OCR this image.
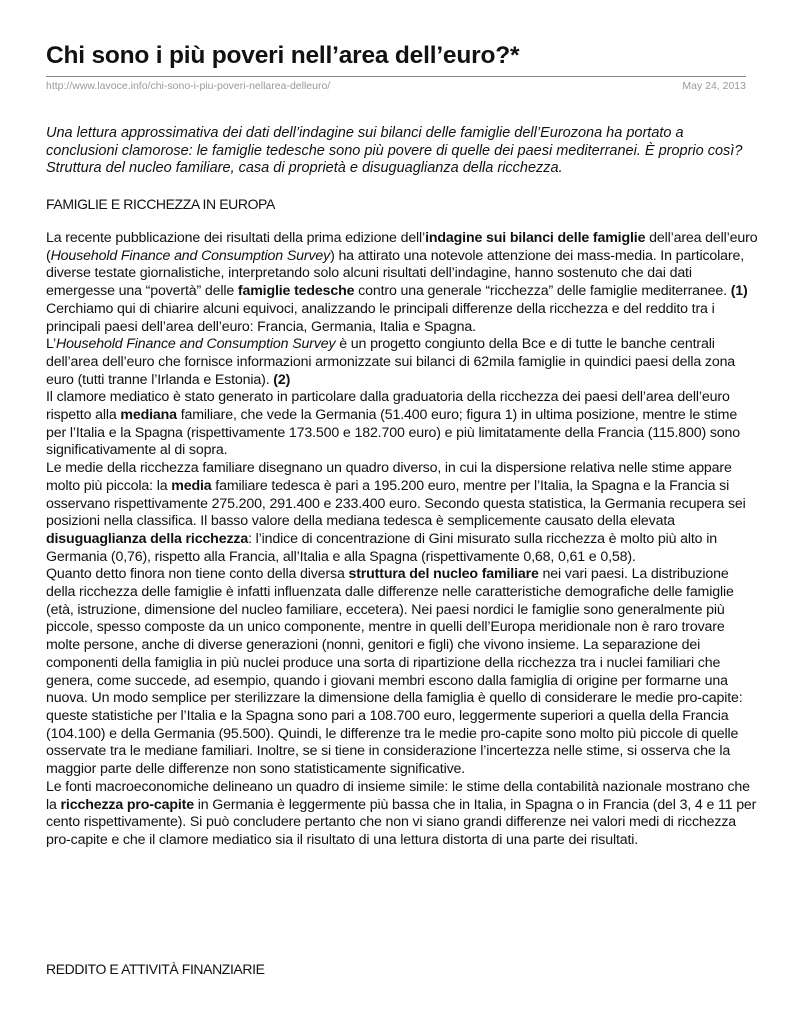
Chi sono i più poveri nell’area dell’euro?*
http://www.lavoce.info/chi-sono-i-piu-poveri-nellarea-delleuro/	May 24, 2013

Una lettura approssimativa dei dati dell’indagine sui bilanci delle famiglie dell’Eurozona ha portato a conclusioni clamorose: le famiglie tedesche sono più povere di quelle dei paesi mediterranei. È proprio così? Struttura del nucleo familiare, casa di proprietà e disuguaglianza della ricchezza.

FAMIGLIE E RICCHEZZA IN EUROPA

La recente pubblicazione dei risultati della prima edizione dell’indagine sui bilanci delle famiglie dell’area dell’euro (Household Finance and Consumption Survey) ha attirato una notevole attenzione dei mass-media. In particolare, diverse testate giornalistiche, interpretando solo alcuni risultati dell’indagine, hanno sostenuto che dai dati emergesse una “povertà” delle famiglie tedesche contro una generale “ricchezza” delle famiglie mediterranee. (1) Cerchiamo qui di chiarire alcuni equivoci, analizzando le principali differenze della ricchezza e del reddito tra i principali paesi dell’area dell’euro: Francia, Germania, Italia e Spagna.

L’Household Finance and Consumption Survey è un progetto congiunto della Bce e di tutte le banche centrali dell’area dell’euro che fornisce informazioni armonizzate sui bilanci di 62mila famiglie in quindici paesi della zona euro (tutti tranne l’Irlanda e Estonia). (2)

Il clamore mediatico è stato generato in particolare dalla graduatoria della ricchezza dei paesi dell’area dell’euro rispetto alla mediana familiare, che vede la Germania (51.400 euro; figura 1) in ultima posizione, mentre le stime per l’Italia e la Spagna (rispettivamente 173.500 e 182.700 euro) e più limitatamente della Francia (115.800) sono significativamente al di sopra.

Le medie della ricchezza familiare disegnano un quadro diverso, in cui la dispersione relativa nelle stime appare molto più piccola: la media familiare tedesca è pari a 195.200 euro, mentre per l’Italia, la Spagna e la Francia si osservano rispettivamente 275.200, 291.400 e 233.400 euro. Secondo questa statistica, la Germania recupera sei posizioni nella classifica. Il basso valore della mediana tedesca è semplicemente causato della elevata disuguaglianza della ricchezza: l’indice di concentrazione di Gini misurato sulla ricchezza è molto più alto in Germania (0,76), rispetto alla Francia, all’Italia e alla Spagna (rispettivamente 0,68, 0,61 e 0,58).

Quanto detto finora non tiene conto della diversa struttura del nucleo familiare nei vari paesi. La distribuzione della ricchezza delle famiglie è infatti influenzata dalle differenze nelle caratteristiche demografiche delle famiglie (età, istruzione, dimensione del nucleo familiare, eccetera). Nei paesi nordici le famiglie sono generalmente più piccole, spesso composte da un unico componente, mentre in quelli dell’Europa meridionale non è raro trovare molte persone, anche di diverse generazioni (nonni, genitori e figli) che vivono insieme. La separazione dei componenti della famiglia in più nuclei produce una sorta di ripartizione della ricchezza tra i nuclei familiari che genera, come succede, ad esempio, quando i giovani membri escono dalla famiglia di origine per formarne una nuova. Un modo semplice per sterilizzare la dimensione della famiglia è quello di considerare le medie pro-capite: queste statistiche per l’Italia e la Spagna sono pari a 108.700 euro, leggermente superiori a quella della Francia (104.100) e della Germania (95.500). Quindi, le differenze tra le medie pro-capite sono molto più piccole di quelle osservate tra le mediane familiari. Inoltre, se si tiene in considerazione l’incertezza nelle stime, si osserva che la maggior parte delle differenze non sono statisticamente significative.

Le fonti macroeconomiche delineano un quadro di insieme simile: le stime della contabilità nazionale mostrano che la ricchezza pro-capite in Germania è leggermente più bassa che in Italia, in Spagna o in Francia (del 3, 4 e 11 per cento rispettivamente). Si può concludere pertanto che non vi siano grandi differenze nei valori medi di ricchezza pro-capite e che il clamore mediatico sia il risultato di una lettura distorta di una parte dei risultati.

REDDITO E ATTIVITÀ FINANZIARIE
